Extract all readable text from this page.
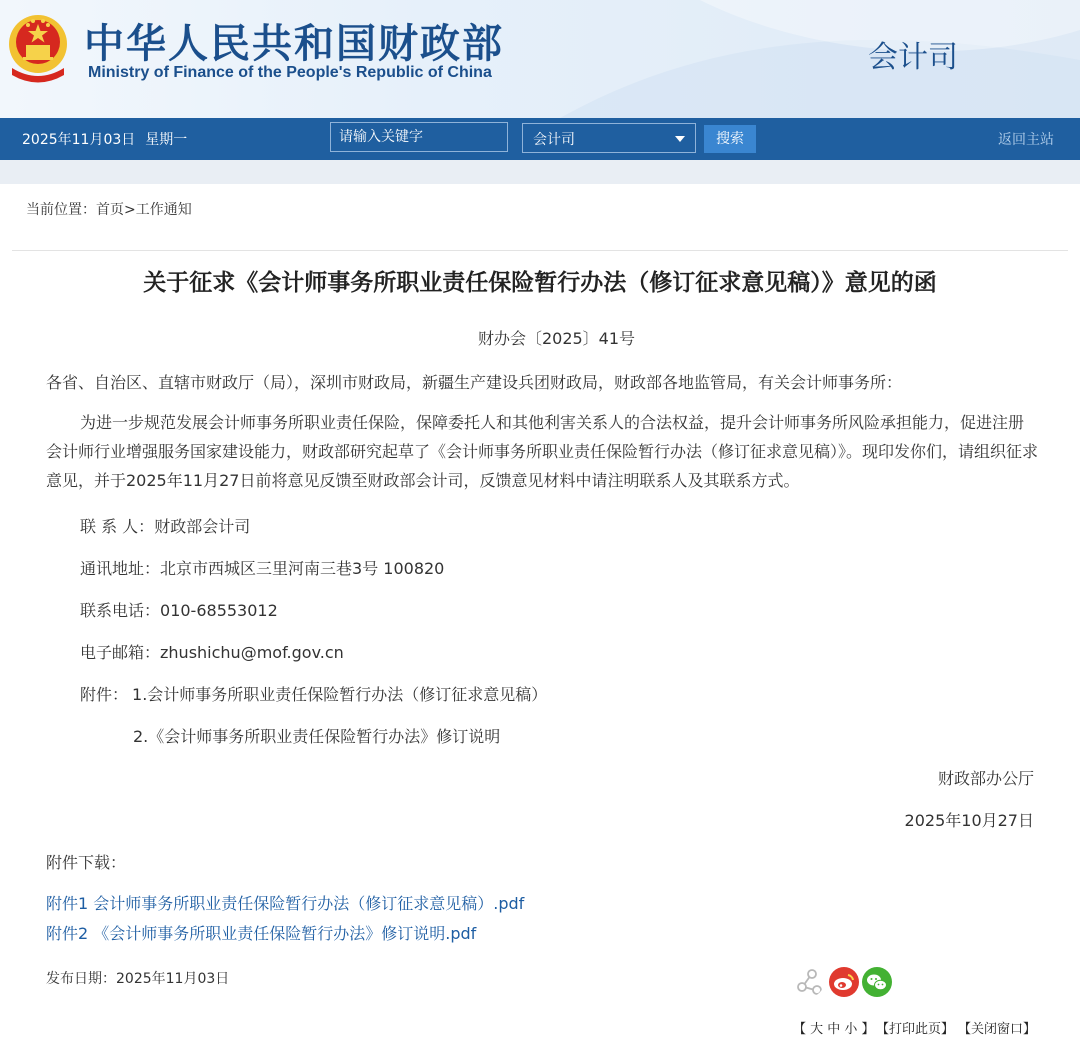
中华人民共和国财政部
Ministry of Finance of the People's Republic of China	会计司
2025年11月03日 星期一
请输入关键字	会计司	搜索	返回主站
当前位置：首页>工作通知
关于征求《会计师事务所职业责任保险暂行办法（修订征求意见稿）》意见的函
财办会〔2025〕41号
各省、自治区、直辖市财政厅（局），深圳市财政局，新疆生产建设兵团财政局，财政部各地监管局，有关会计师事务所：

为进一步规范发展会计师事务所职业责任保险，保障委托人和其他利害关系人的合法权益，提升会计师事务所风险承担能力，促进注册会计师行业增强服务国家建设能力，财政部研究起草了《会计师事务所职业责任保险暂行办法（修订征求意见稿）》。现印发你们，请组织征求意见，并于2025年11月27日前将意见反馈至财政部会计司，反馈意见材料中请注明联系人及其联系方式。

联 系 人：财政部会计司
通讯地址：北京市西城区三里河南三巷3号 100820
联系电话：010-68553012
电子邮箱：zhushichu@mof.gov.cn
附件： 1.会计师事务所职业责任保险暂行办法（修订征求意见稿）
2.《会计师事务所职业责任保险暂行办法》修订说明
财政部办公厅
2025年10月27日
附件下载：
附件1 会计师事务所职业责任保险暂行办法（修订征求意见稿）.pdf
附件2 《会计师事务所职业责任保险暂行办法》修订说明.pdf
发布日期：2025年11月03日
【 大 中 小 】 【打印此页】 【关闭窗口】
